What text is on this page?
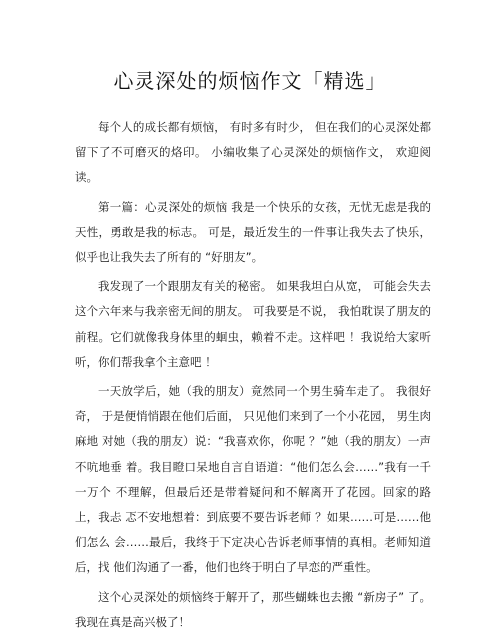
心灵深处的烦恼作文「精选」

每个人的成长都有烦恼， 有时多有时少， 但在我们的心灵深处都 留下了不可磨灭的烙印。 小编收集了心灵深处的烦恼作文， 欢迎阅读。

第一篇：心灵深处的烦恼 我是一个快乐的女孩，无忧无虑是我的天性，勇敢是我的标志。 可是，最近发生的一件事让我失去了快乐， 似乎也让我失去了所有的 “好朋友”。

我发现了一个跟朋友有关的秘密。 如果我坦白从宽， 可能会失去 这个六年来与我亲密无间的朋友。 可我要是不说， 我怕耽误了朋友的 前程。它们就像我身体里的蛔虫，赖着不走。这样吧 ！我说给大家听 听，你们帮我拿个主意吧 ！

一天放学后，她（我的朋友）竟然同一个男生骑车走了。 我很好奇， 于是便悄悄跟在他们后面， 只见他们来到了一个小花园， 男生肉麻地 对她（我的朋友）说：“我喜欢你，你呢 ？”她（我的朋友）一声不吭地垂 着。我目瞪口呆地自言自语道：“他们怎么会……”我有一千一万个 不理解，但最后还是带着疑问和不解离开了花园。回家的路上，我忐 忑不安地想着：到底要不要告诉老师 ？如果……可是……他们怎么 会……最后，我终于下定决心告诉老师事情的真相。老师知道后，找 他们沟通了一番，他们也终于明白了早恋的严重性。

这个心灵深处的烦恼终于解开了，那些蝴蛛也去搬 “新房子” 了。我现在真是高兴极了！
